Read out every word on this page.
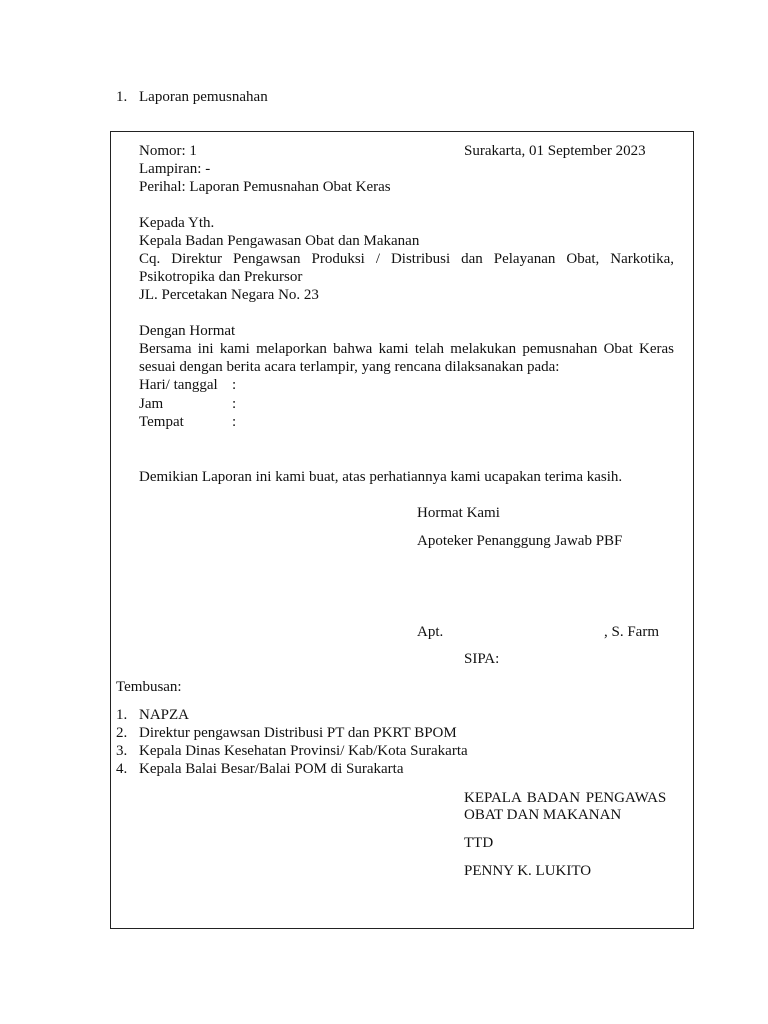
1. Laporan pemusnahan
Nomor: 1	Surakarta, 01 September 2023
Lampiran: -
Perihal: Laporan Pemusnahan Obat Keras
Kepada Yth.
Kepala Badan Pengawasan Obat dan Makanan
Cq. Direktur Pengawsan Produksi / Distribusi dan Pelayanan Obat, Narkotika,
Psikotropika dan Prekursor
JL. Percetakan Negara No. 23
Dengan Hormat
Bersama ini kami melaporkan bahwa kami telah melakukan pemusnahan Obat Keras
sesuai dengan berita acara terlampir, yang rencana dilaksanakan pada:
Hari/ tanggal :
Jam	:
Tempat	:
Demikian Laporan ini kami buat, atas perhatiannya kami ucapakan terima kasih.
Hormat Kami
Apoteker Penanggung Jawab PBF
Apt.	, S. Farm
SIPA:
Tembusan:
1. NAPZA
2. Direktur pengawsan Distribusi PT dan PKRT BPOM
3. Kepala Dinas Kesehatan Provinsi/ Kab/Kota Surakarta
4. Kepala Balai Besar/Balai POM di Surakarta
KEPALA BADAN PENGAWAS
OBAT DAN MAKANAN
TTD
PENNY K. LUKITO
